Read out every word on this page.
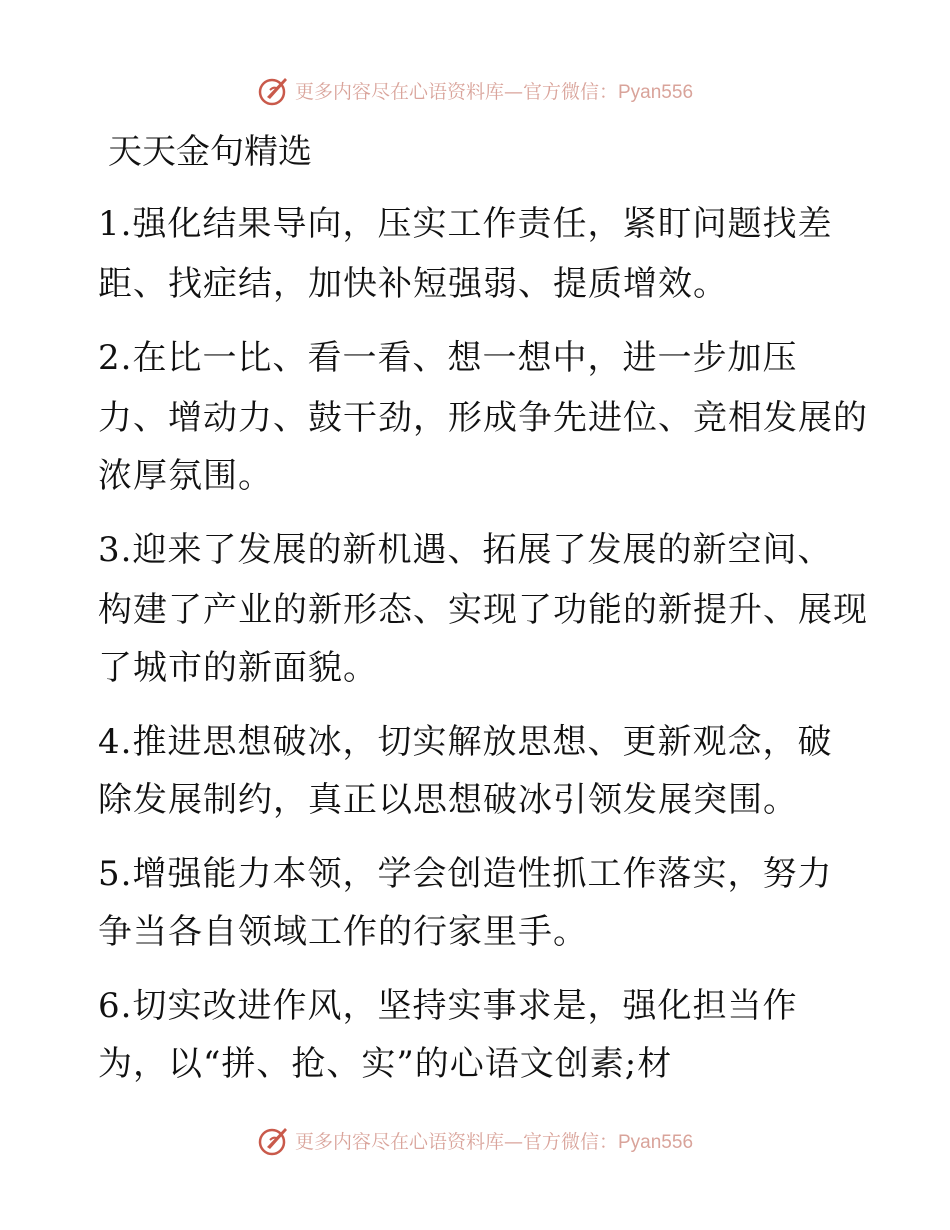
更多内容尽在心语资料库—官方微信：Pyan556
天天金句精选
1.强化结果导向，压实工作责任，紧盯问题找差
距、找症结，加快补短强弱、提质增效。
2.在比一比、看一看、想一想中，进一步加压
力、增动力、鼓干劲，形成争先进位、竞相发展的
浓厚氛围。
3.迎来了发展的新机遇、拓展了发展的新空间、
构建了产业的新形态、实现了功能的新提升、展现
了城市的新面貌。
4.推进思想破冰，切实解放思想、更新观念，破
除发展制约，真正以思想破冰引领发展突围。
5.增强能力本领，学会创造性抓工作落实，努力
争当各自领域工作的行家里手。
6.切实改进作风，坚持实事求是，强化担当作
为，以“拼、抢、实”的心语文创素;材
更多内容尽在心语资料库—官方微信：Pyan556
